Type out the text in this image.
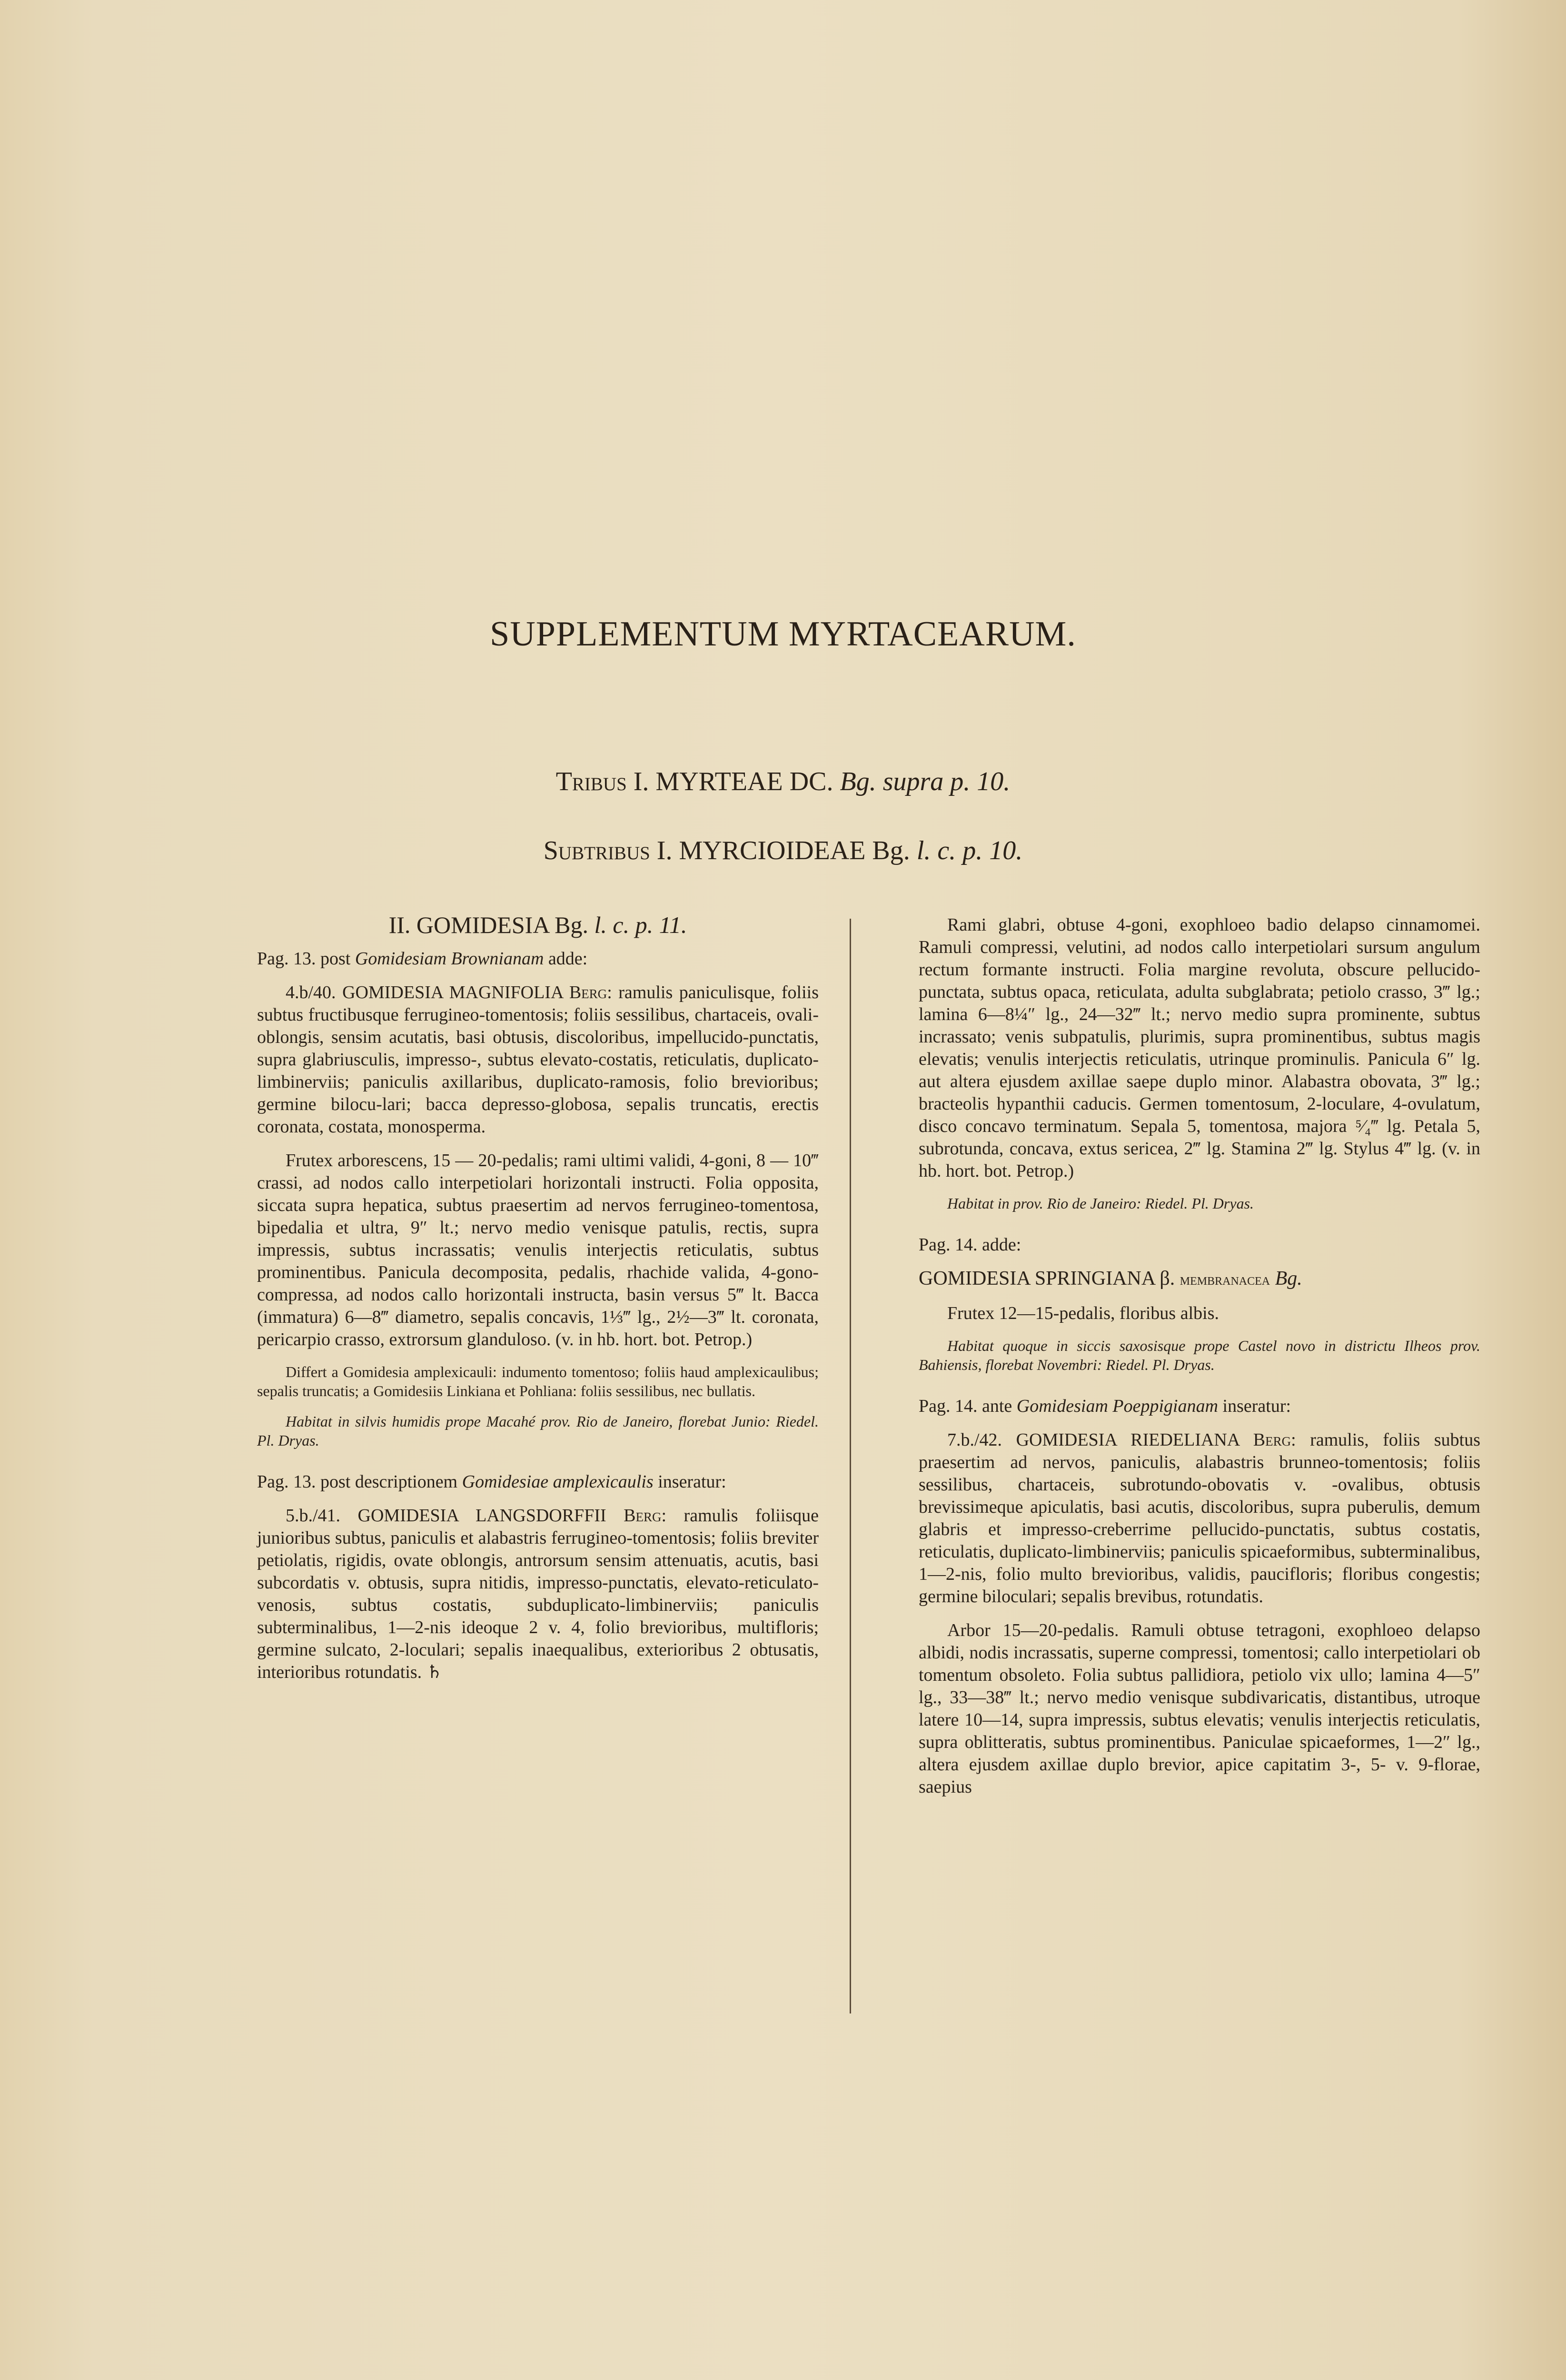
SUPPLEMENTUM MYRTACEARUM.
Tribus I. MYRTEAE DC. Bg. supra p. 10.
Subtribus I. MYRCIOIDEAE Bg. l. c. p. 10.

II. GOMIDESIA Bg. l. c. p. 11.

Pag. 13. post Gomidesiam Brownianam adde:

4.b/40. GOMIDESIA MAGNIFOLIA Berg: ramulis paniculisque, foliis subtus fructibusque ferrugineo-tomentosis; foliis sessilibus, chartaceis, ovali-oblongis, sensim acutatis, basi obtusis, discoloribus, impellucido-punctatis, supra glabriusculis, impresso-, subtus elevato-costatis, reticulatis, duplicato-limbinerviis; paniculis axillaribus, duplicato-ramosis, folio brevioribus; germine bilocu-lari; bacca depresso-globosa, sepalis truncatis, erectis coronata, costata, monosperma.

Frutex arborescens, 15 — 20-pedalis; rami ultimi validi, 4-goni, 8 — 10‴ crassi, ad nodos callo interpetiolari horizontali instructi. Folia opposita, siccata supra hepatica, subtus praesertim ad nervos ferrugineo-tomentosa, bipedalia et ultra, 9″ lt.; nervo medio venisque patulis, rectis, supra impressis, subtus incrassatis; venulis interjectis reticulatis, subtus prominentibus. Panicula decomposita, pedalis, rhachide valida, 4-gono-compressa, ad nodos callo horizontali instructa, basin versus 5‴ lt. Bacca (immatura) 6—8‴ diametro, sepalis concavis, 1⅓‴ lg., 2½—3‴ lt. coronata, pericarpio crasso, extrorsum glanduloso. (v. in hb. hort. bot. Petrop.)

Differt a Gomidesia amplexicauli: indumento tomentoso; foliis haud amplexicaulibus; sepalis truncatis; a Gomidesiis Linkiana et Pohliana: foliis sessilibus, nec bullatis.

Habitat in silvis humidis prope Macahé prov. Rio de Janeiro, florebat Junio: Riedel. Pl. Dryas.

Pag. 13. post descriptionem Gomidesiae amplexicaulis inseratur:

5.b./41. GOMIDESIA LANGSDORFFII Berg: ramulis foliisque junioribus subtus, paniculis et alabastris ferrugineo-tomentosis; foliis breviter petiolatis, rigidis, ovate oblongis, antrorsum sensim attenuatis, acutis, basi subcordatis v. obtusis, supra nitidis, impresso-punctatis, elevato-reticulato-venosis, subtus costatis, subduplicato-limbinerviis; paniculis subterminalibus, 1—2-nis ideoque 2 v. 4, folio brevioribus, multifloris; germine sulcato, 2-loculari; sepalis inaequalibus, exterioribus 2 obtusatis, interioribus rotundatis. ♄

Rami glabri, obtuse 4-goni, exophloeo badio delapso cinnamomei. Ramuli compressi, velutini, ad nodos callo interpetiolari sursum angulum rectum formante instructi. Folia margine revoluta, obscure pellucido-punctata, subtus opaca, reticulata, adulta subglabrata; petiolo crasso, 3‴ lg.; lamina 6—8¼″ lg., 24—32‴ lt.; nervo medio supra prominente, subtus incrassato; venis subpatulis, plurimis, supra prominentibus, subtus magis elevatis; venulis interjectis reticulatis, utrinque prominulis. Panicula 6″ lg. aut altera ejusdem axillae saepe duplo minor. Alabastra obovata, 3‴ lg.; bracteolis hypanthii caducis. Germen tomentosum, 2-loculare, 4-ovulatum, disco concavo terminatum. Sepala 5, tomentosa, majora ⁵⁄₄‴ lg. Petala 5, subrotunda, concava, extus sericea, 2‴ lg. Stamina 2‴ lg. Stylus 4‴ lg. (v. in hb. hort. bot. Petrop.)

Habitat in prov. Rio de Janeiro: Riedel. Pl. Dryas.

Pag. 14. adde:

GOMIDESIA SPRINGIANA β. membranacea Bg.

Frutex 12—15-pedalis, floribus albis.

Habitat quoque in siccis saxosisque prope Castel novo in districtu Ilheos prov. Bahiensis, florebat Novembri: Riedel. Pl. Dryas.

Pag. 14. ante Gomidesiam Poeppigianam inseratur:

7.b./42. GOMIDESIA RIEDELIANA Berg: ramulis, foliis subtus praesertim ad nervos, paniculis, alabastris brunneo-tomentosis; foliis sessilibus, chartaceis, subrotundo-obovatis v. -ovalibus, obtusis brevissimeque apiculatis, basi acutis, discoloribus, supra puberulis, demum glabris et impresso-creberrime pellucido-punctatis, subtus costatis, reticulatis, duplicato-limbinerviis; paniculis spicaeformibus, subterminalibus, 1—2-nis, folio multo brevioribus, validis, paucifloris; floribus congestis; germine biloculari; sepalis brevibus, rotundatis.

Arbor 15—20-pedalis. Ramuli obtuse tetragoni, exophloeo delapso albidi, nodis incrassatis, superne compressi, tomentosi; callo interpetiolari ob tomentum obsoleto. Folia subtus pallidiora, petiolo vix ullo; lamina 4—5″ lg., 33—38‴ lt.; nervo medio venisque subdivaricatis, distantibus, utroque latere 10—14, supra impressis, subtus elevatis; venulis interjectis reticulatis, supra oblitteratis, subtus prominentibus. Paniculae spicaeformes, 1—2″ lg., altera ejusdem axillae duplo brevior, apice capitatim 3-, 5- v. 9-florae, saepius
